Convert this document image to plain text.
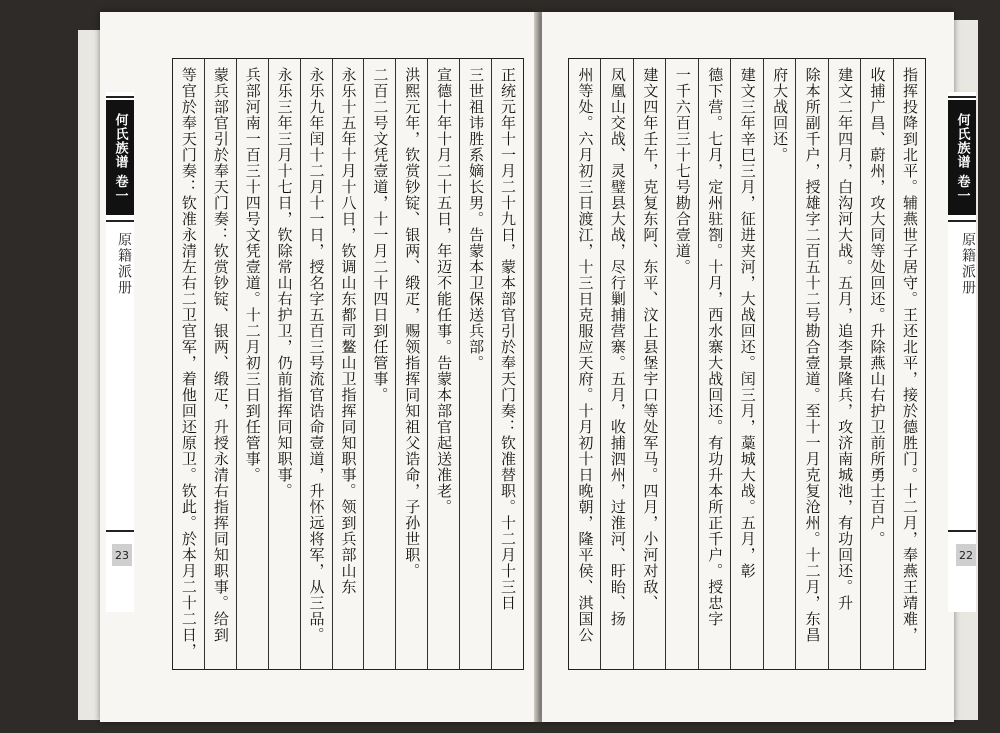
等官於奉天门奏：钦准永清左右二卫官军，着他回还原卫。钦此。於本月二十二日， 蒙兵部官引於奉天门奏：钦赏钞锭、银两、缎疋，升授永清右指挥同知职事。给到 兵部河南一百三十四号文凭壹道。十二月初三日到任管事。 永乐三年三月十七日，钦除常山右护卫，仍前指挥同知职事。 永乐九年闰十二月十一日，授名字五百三号流官诰命壹道，升怀远将军，从三品。 永乐十五年十月十八日，钦调山东都司鳌山卫指挥同知职事。领到兵部山东 二百二号文凭壹道，十一月二十四日到任管事。 洪熙元年，钦赏钞锭、银两、缎疋，赐领指挥同知祖父诰命，子孙世职。 宣德十年十月二十五日，年迈不能任事。告蒙本部官起送准老。 三世祖讳胜系嫡长男。告蒙本卫保送兵部。 正统元年十一月二十九日，蒙本部官引於奉天门奏：钦准替职。十二月十三日	州等处。六月初三日渡江，十三日克服应天府。十月初十日晚朝，隆平侯、淇国公 凤凰山交战、灵璧县大战，尽行剿捕营寨。五月，收捕泗州，过淮河、盱眙、扬 建文四年壬午，克复东阿、东平、汶上县堡宇口等处军马。四月，小河对敌、 一千六百三十七号勘合壹道。 德下营。七月，定州驻劄。十月，西水寨大战回还。有功升本所正千户。授忠字 建文三年辛巳三月，征进夹河，大战回还。闰三月，藁城大战。五月，彰 府大战回还。 除本所副千户，授雄字二百五十二号勘合壹道。至十一月克复沧州。十二月，东昌 建文二年四月，白沟河大战。五月，追李景隆兵，攻济南城池，有功回还。升 收捕广昌、蔚州，攻大同等处回还。升除燕山右护卫前所勇士百户。 指挥投降到北平。辅燕世子居守。王还北平，接於德胜门。十二月，奉燕王靖难，
何氏族谱 卷一
原籍派册
23
何氏族谱 卷一
原籍派册
22
